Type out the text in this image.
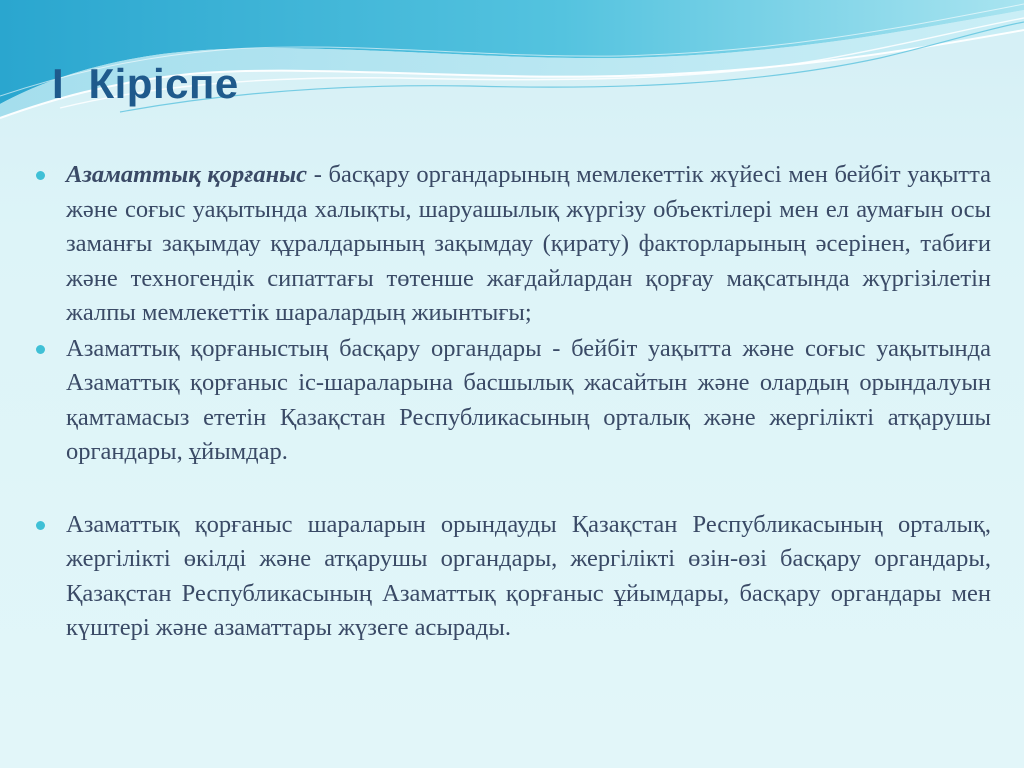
I  Кіріспе
Азаматтық қорғаныс - басқару органдарының мемлекеттік жүйесі мен бейбіт уақытта және соғыс уақытында халықты, шаруашылық жүргізу объектілері мен ел аумағын осы заманғы зақымдау құралдарының зақымдау (қирату) факторларының әсерінен, табиғи және техногендік сипаттағы төтенше жағдайлардан қорғау мақсатында жүргізілетін жалпы мемлекеттік шаралардың жиынтығы;
Азаматтық қорғаныстың басқару органдары - бейбіт уақытта және соғыс уақытында Азаматтық қорғаныс іс-шараларына басшылық жасайтын және олардың орындалуын қамтамасыз ететін Қазақстан Республикасының орталық және жергілікті атқарушы органдары, ұйымдар.
Азаматтық қорғаныс шараларын орындауды Қазақстан Республикасының орталық, жергілікті өкілді және атқарушы органдары, жергілікті өзін-өзі басқару органдары, Қазақстан Республикасының Азаматтық қорғаныс ұйымдары, басқару органдары мен күштері және азаматтары жүзеге асырады.
